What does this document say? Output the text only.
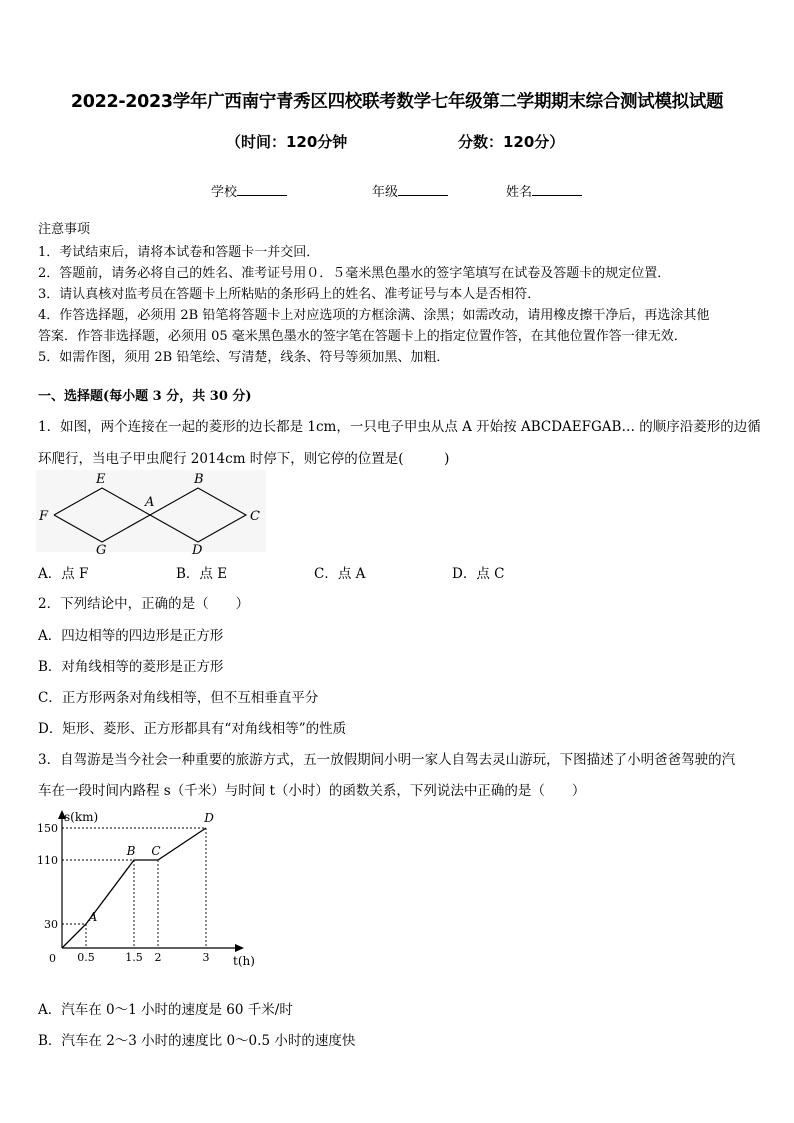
2022-2023学年广西南宁青秀区四校联考数学七年级第二学期期末综合测试模拟试题
（时间：120分钟	分数：120分）
学校	年级	姓名
注意事项
1．考试结束后，请将本试卷和答题卡一并交回．
2．答题前，请务必将自己的姓名、准考证号用０．５毫米黑色墨水的签字笔填写在试卷及答题卡的规定位置．
3．请认真核对监考员在答题卡上所粘贴的条形码上的姓名、准考证号与本人是否相符．
4．作答选择题，必须用 2B 铅笔将答题卡上对应选项的方框涂满、涂黑；如需改动，请用橡皮擦干净后，再选涂其他
答案．作答非选择题，必须用 05 毫米黑色墨水的签字笔在答题卡上的指定位置作答，在其他位置作答一律无效．
5．如需作图，须用 2B 铅笔绘、写清楚，线条、符号等须加黑、加粗．
一、选择题(每小题 3 分，共 30 分)
1．如图，两个连接在一起的菱形的边长都是 1cm，一只电子甲虫从点 A 开始按 ABCDAEFGAB… 的顺序沿菱形的边循
环爬行，当电子甲虫爬行 2014cm 时停下，则它停的位置是(　　　)
E	B
A
F	C
G	D
A．点 F	B．点 E	C．点 A	D．点 C
2．下列结论中，正确的是（　　）
A．四边相等的四边形是正方形
B．对角线相等的菱形是正方形
C．正方形两条对角线相等，但不互相垂直平分
D．矩形、菱形、正方形都具有“对角线相等”的性质
3．自驾游是当今社会一种重要的旅游方式，五一放假期间小明一家人自驾去灵山游玩，下图描述了小明爸爸驾驶的汽
车在一段时间内路程 s（千米）与时间 t（小时）的函数关系，下列说法中正确的是（　　）
s(km)
t(h)
0 0.5	1.5 2	3
30
110
150
A
B C
D
A．汽车在 0～1 小时的速度是 60 千米/时
B．汽车在 2～3 小时的速度比 0～0.5 小时的速度快
